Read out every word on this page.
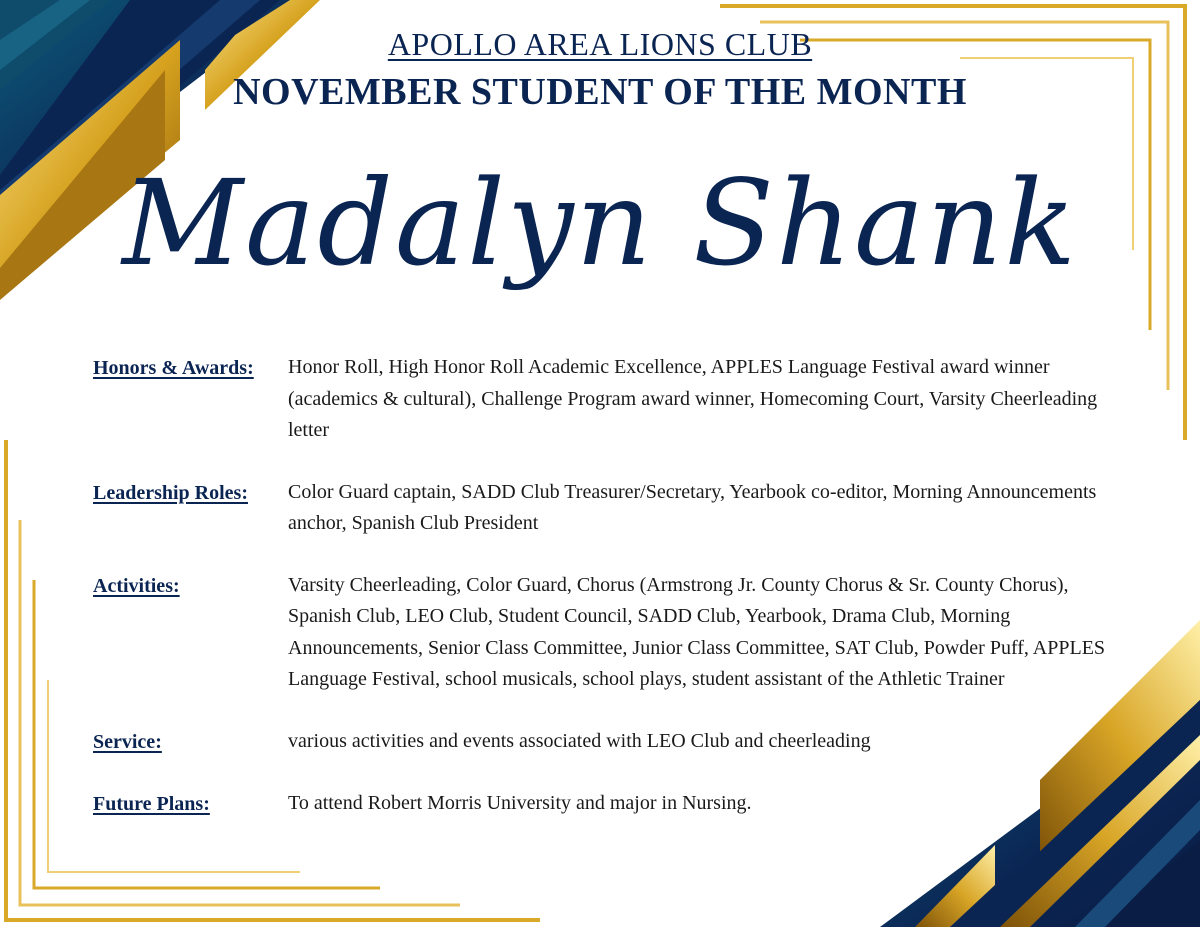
APOLLO AREA LIONS CLUB
NOVEMBER STUDENT OF THE MONTH
Madalyn Shank
Honors & Awards:	Honor Roll, High Honor Roll Academic Excellence, APPLES Language Festival award winner (academics & cultural), Challenge Program award winner, Homecoming Court, Varsity Cheerleading letter
Leadership Roles:	Color Guard captain, SADD Club Treasurer/Secretary, Yearbook co-editor, Morning Announcements anchor, Spanish Club President
Activities:	Varsity Cheerleading, Color Guard, Chorus (Armstrong Jr. County Chorus & Sr. County Chorus), Spanish Club, LEO Club, Student Council, SADD Club, Yearbook, Drama Club, Morning Announcements, Senior Class Committee, Junior Class Committee, SAT Club, Powder Puff, APPLES Language Festival, school musicals, school plays, student assistant of the Athletic Trainer
Service:	various activities and events associated with LEO Club and cheerleading
Future Plans:	To attend Robert Morris University and major in Nursing.
